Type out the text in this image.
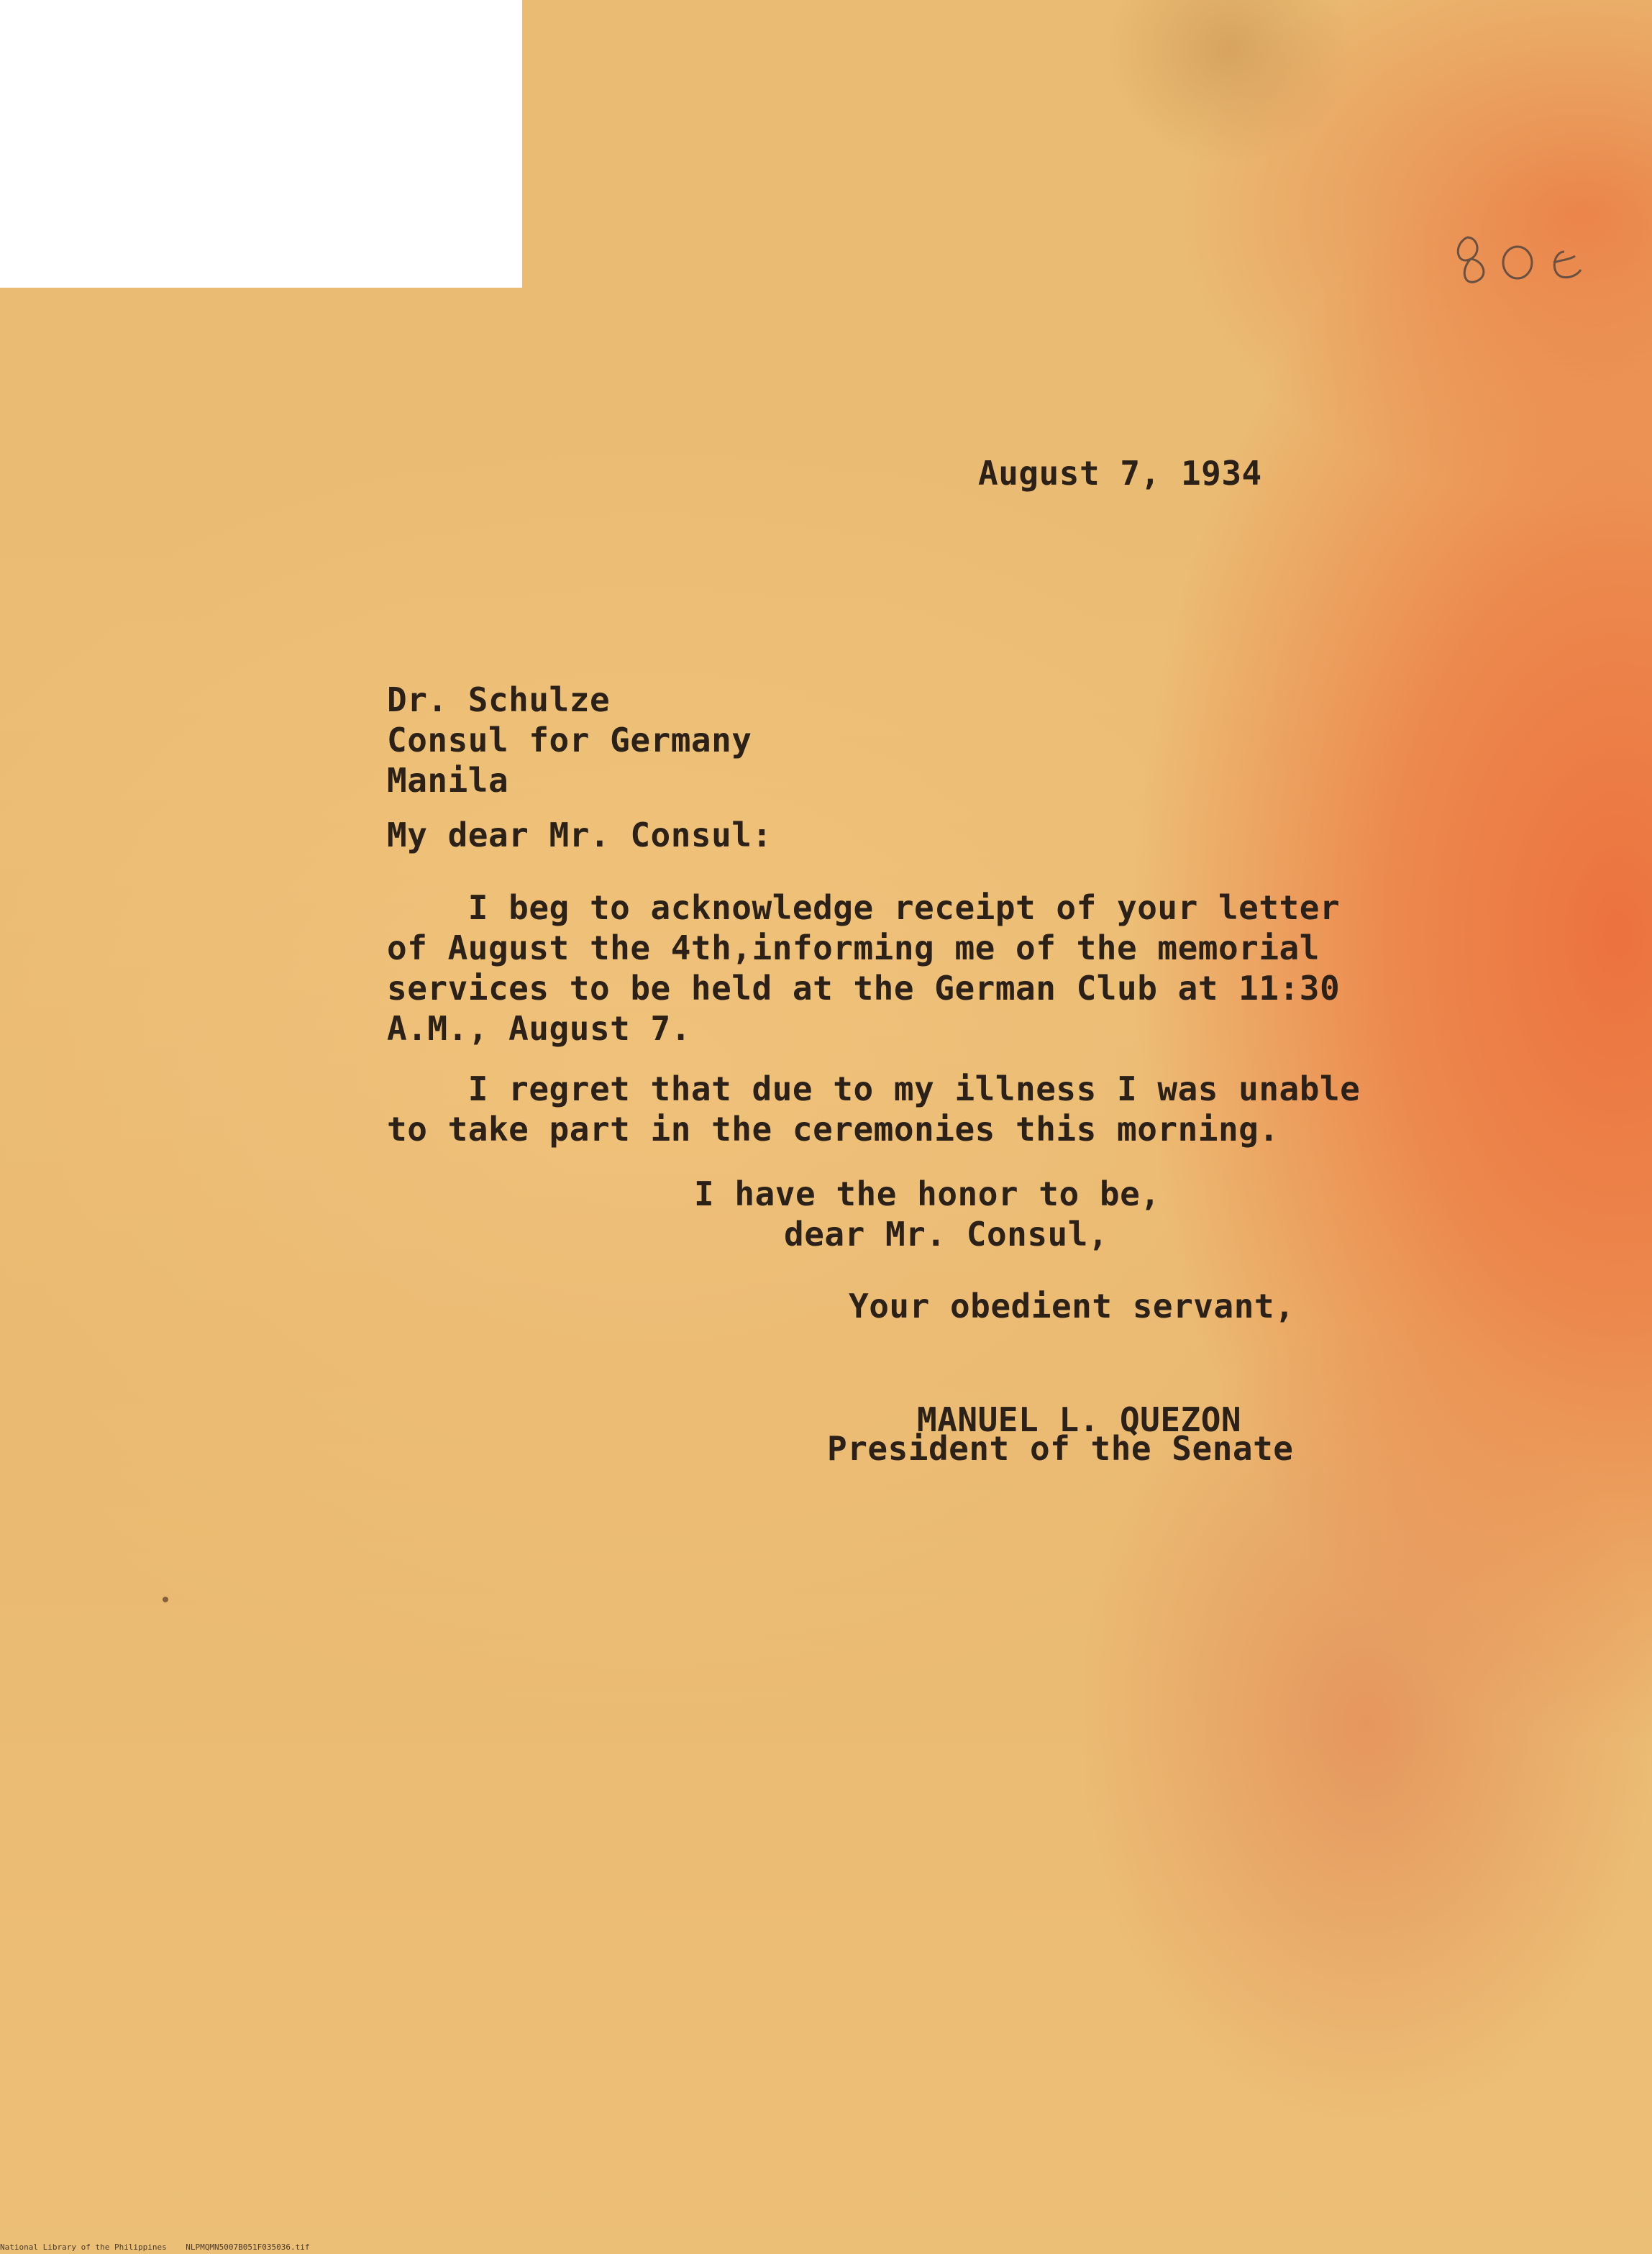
August 7, 1934
Dr. Schulze
Consul for Germany
Manila
My dear Mr. Consul:
I beg to acknowledge receipt of your letter
of August the 4th,informing me of the memorial
services to be held at the German Club at 11:30
A.M., August 7.
I regret that due to my illness I was unable
to take part in the ceremonies this morning.
I have the honor to be,
dear Mr. Consul,
Your obedient servant,
MANUEL L. QUEZON
President of the Senate
National Library of the Philippines    NLPMQMN5007B051F035036.tif
